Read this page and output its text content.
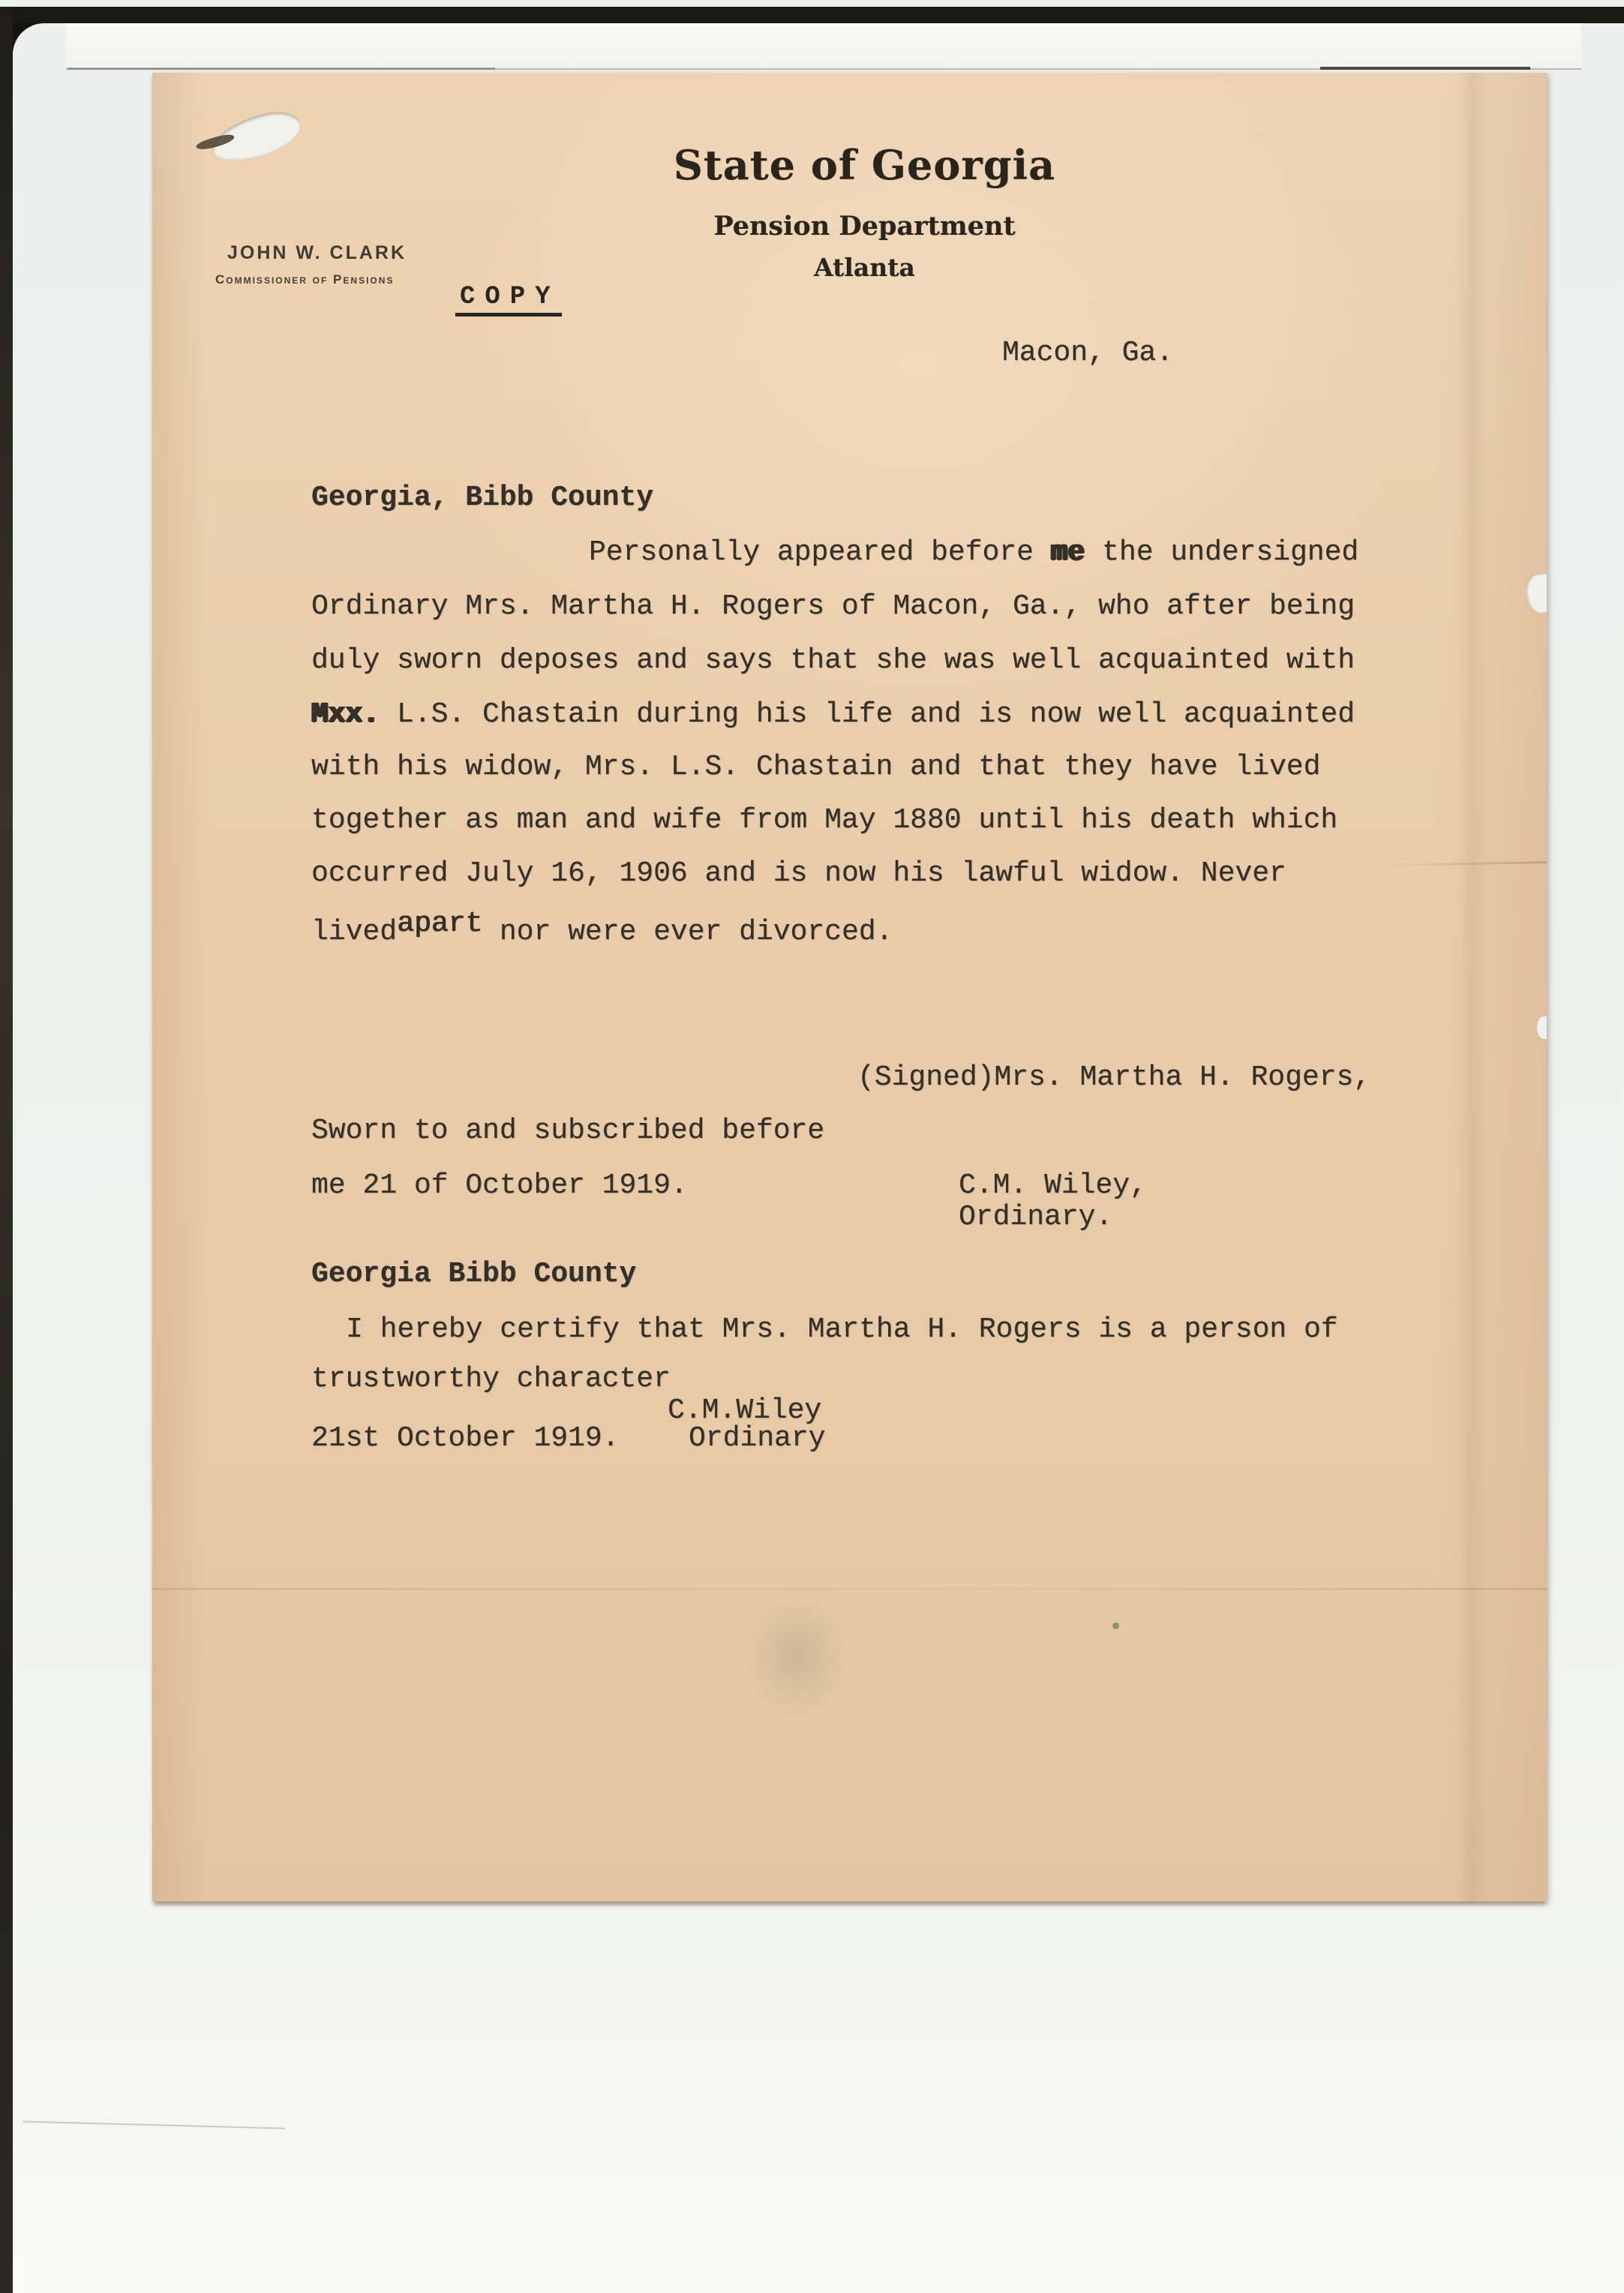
State of Georgia
Pension Department
Atlanta
JOHN W. CLARK
Commissioner of Pensions
COPY
Macon, Ga.
Georgia, Bibb County
Personally appeared before me the undersigned
Ordinary Mrs. Martha H. Rogers of Macon, Ga., who after being
duly sworn deposes and says that she was well acquainted with
Mxx. L.S. Chastain during his life and is now well acquainted
with his widow, Mrs. L.S. Chastain and that they have lived
together as man and wife from May 1880 until his death which
occurred July 16, 1906 and is now his lawful widow. Never
livedapart nor were ever divorced.
(Signed)Mrs. Martha H. Rogers,
Sworn to and subscribed before
me 21 of October 1919.	C.M. Wiley,
Ordinary.
Georgia Bibb County
I hereby certify that Mrs. Martha H. Rogers is a person of
trustworthy character
C.M.Wiley
21st October 1919. Ordinary
